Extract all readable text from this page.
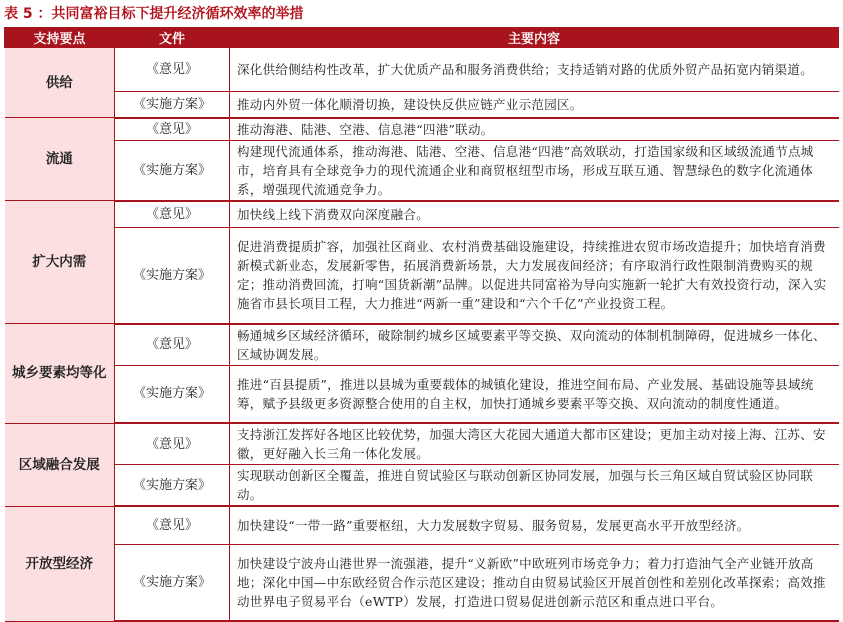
表 5 ：共同富裕目标下提升经济循环效率的举措
支持要点	文件	主要内容
供给	《意见》	深化供给侧结构性改革，扩大优质产品和服务消费供给；支持适销对路的优质外贸产品拓宽内销渠道。
	《实施方案》	推动内外贸一体化顺滑切换，建设快反供应链产业示范园区。
流通	《意见》	推动海港、陆港、空港、信息港“四港”联动。
	《实施方案》	构建现代流通体系，推动海港、陆港、空港、信息港“四港”高效联动，打造国家级和区域级流通节点城市，培育具有全球竞争力的现代流通企业和商贸枢纽型市场，形成互联互通、智慧绿色的数字化流通体系，增强现代流通竞争力。
扩大内需	《意见》	加快线上线下消费双向深度融合。
	《实施方案》	促进消费提质扩容，加强社区商业、农村消费基础设施建设，持续推进农贸市场改造提升；加快培育消费新模式新业态，发展新零售，拓展消费新场景，大力发展夜间经济；有序取消行政性限制消费购买的规定；推动消费回流，打响“国货新潮”品牌。以促进共同富裕为导向实施新一轮扩大有效投资行动，深入实施省市县长项目工程，大力推进“两新一重”建设和“六个千亿”产业投资工程。
城乡要素均等化	《意见》	畅通城乡区域经济循环，破除制约城乡区域要素平等交换、双向流动的体制机制障碍，促进城乡一体化、区域协调发展。
	《实施方案》	推进“百县提质”，推进以县城为重要载体的城镇化建设，推进空间布局、产业发展、基础设施等县域统筹，赋予县级更多资源整合使用的自主权，加快打通城乡要素平等交换、双向流动的制度性通道。
区域融合发展	《意见》	支持浙江发挥好各地区比较优势，加强大湾区大花园大通道大都市区建设；更加主动对接上海、江苏、安徽，更好融入长三角一体化发展。
	《实施方案》	实现联动创新区全覆盖，推进自贸试验区与联动创新区协同发展，加强与长三角区域自贸试验区协同联动。
开放型经济	《意见》	加快建设“一带一路”重要枢纽，大力发展数字贸易、服务贸易，发展更高水平开放型经济。
	《实施方案》	加快建设宁波舟山港世界一流强港，提升“义新欧”中欧班列市场竞争力；着力打造油气全产业链开放高地；深化中国—中东欧经贸合作示范区建设；推动自由贸易试验区开展首创性和差别化改革探索；高效推动世界电子贸易平台（eWTP）发展，打造进口贸易促进创新示范区和重点进口平台。
